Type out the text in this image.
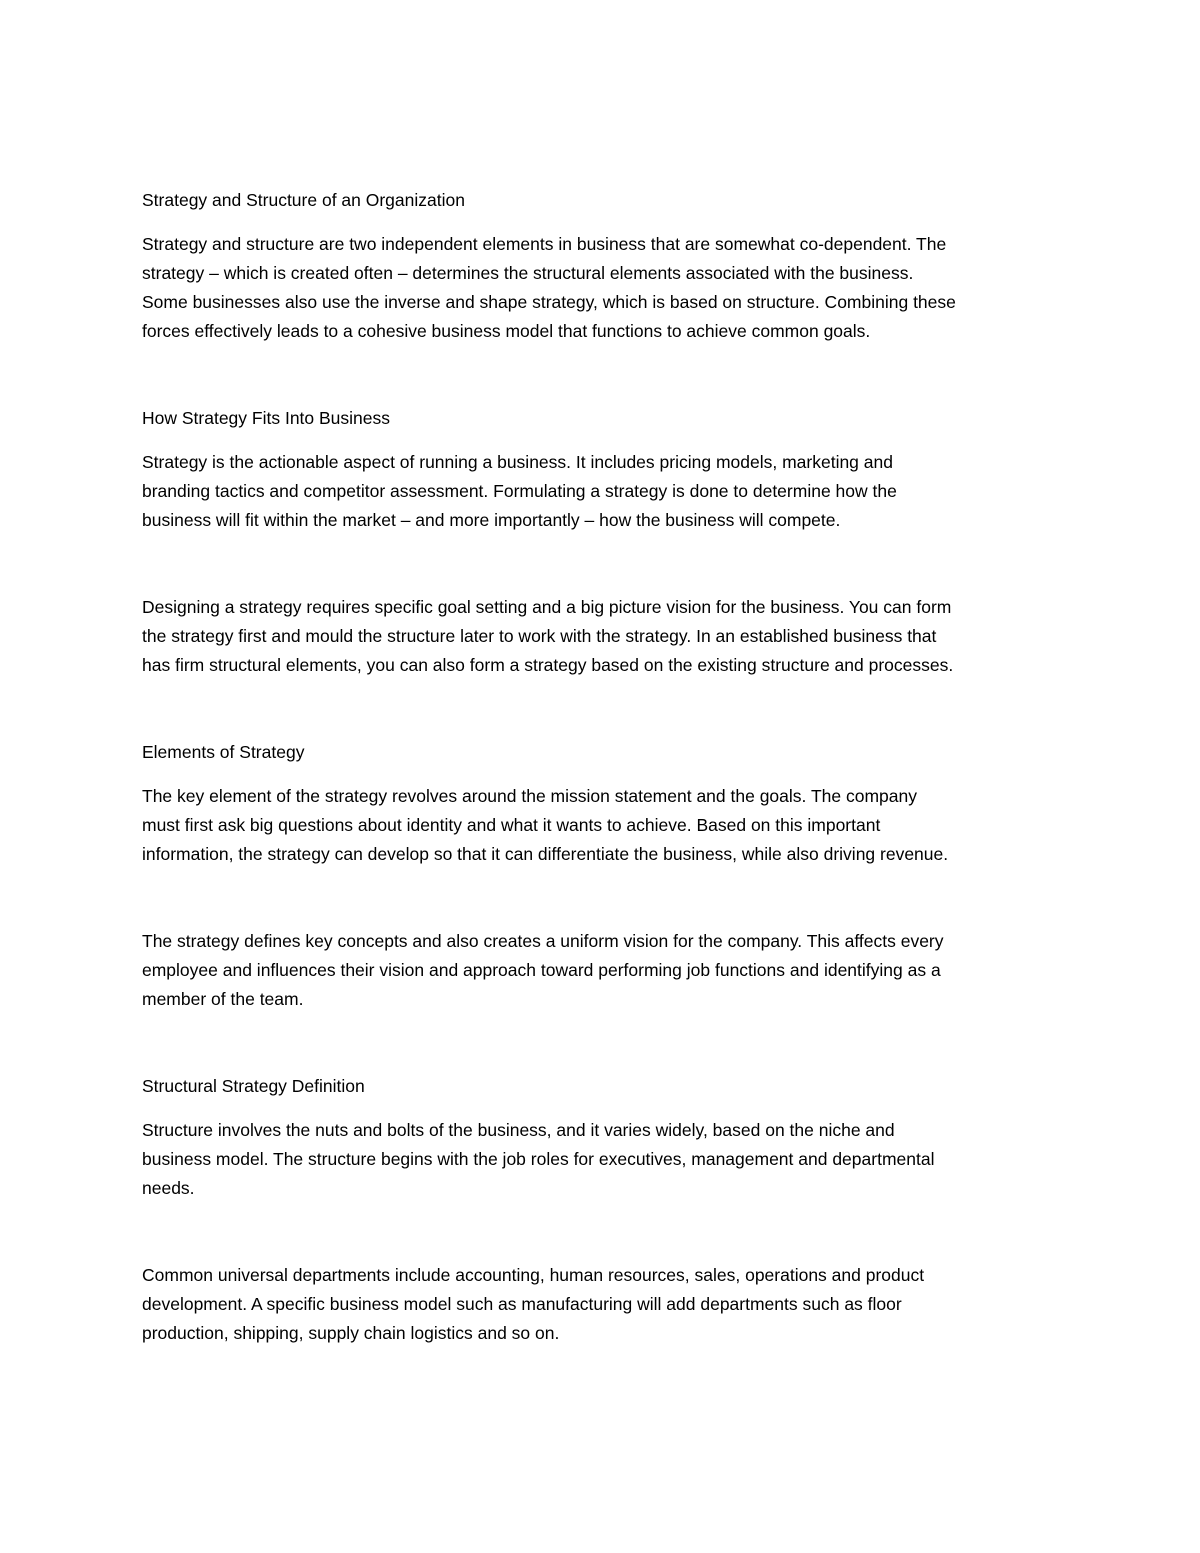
Strategy and Structure of an Organization
Strategy and structure are two independent elements in business that are somewhat co-dependent. The
strategy – which is created often – determines the structural elements associated with the business.
Some businesses also use the inverse and shape strategy, which is based on structure. Combining these
forces effectively leads to a cohesive business model that functions to achieve common goals.
How Strategy Fits Into Business
Strategy is the actionable aspect of running a business. It includes pricing models, marketing and
branding tactics and competitor assessment. Formulating a strategy is done to determine how the
business will fit within the market – and more importantly – how the business will compete.
Designing a strategy requires specific goal setting and a big picture vision for the business. You can form
the strategy first and mould the structure later to work with the strategy. In an established business that
has firm structural elements, you can also form a strategy based on the existing structure and processes.
Elements of Strategy
The key element of the strategy revolves around the mission statement and the goals. The company
must first ask big questions about identity and what it wants to achieve. Based on this important
information, the strategy can develop so that it can differentiate the business, while also driving revenue.
The strategy defines key concepts and also creates a uniform vision for the company. This affects every
employee and influences their vision and approach toward performing job functions and identifying as a
member of the team.
Structural Strategy Definition
Structure involves the nuts and bolts of the business, and it varies widely, based on the niche and
business model. The structure begins with the job roles for executives, management and departmental
needs.
Common universal departments include accounting, human resources, sales, operations and product
development. A specific business model such as manufacturing will add departments such as floor
production, shipping, supply chain logistics and so on.
